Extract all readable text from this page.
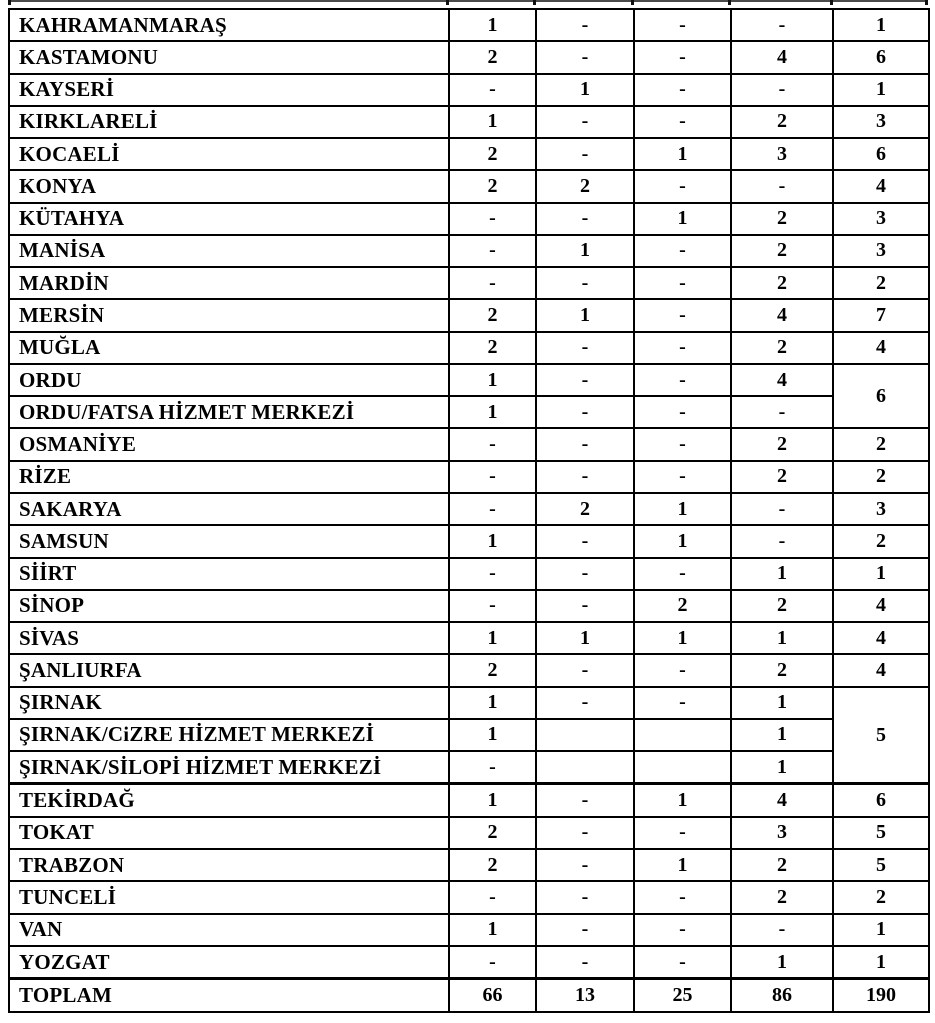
KAHRAMANMARAŞ	1	-	-	-	1
KASTAMONU	2	-	-	4	6
KAYSERİ	-	1	-	-	1
KIRKLARELİ	1	-	-	2	3
KOCAELİ	2	-	1	3	6
KONYA	2	2	-	-	4
KÜTAHYA	-	-	1	2	3
MANİSA	-	1	-	2	3
MARDİN	-	-	-	2	2
MERSİN	2	1	-	4	7
MUĞLA	2	-	-	2	4
ORDU	1	-	-	4	6
ORDU/FATSA HİZMET MERKEZİ	1	-	-	-	
OSMANİYE	-	-	-	2	2
RİZE	-	-	-	2	2
SAKARYA	-	2	1	-	3
SAMSUN	1	-	1	-	2
SİİRT	-	-	-	1	1
SİNOP	-	-	2	2	4
SİVAS	1	1	1	1	4
ŞANLIURFA	2	-	-	2	4
ŞIRNAK	1	-	-	1	5
ŞIRNAK/CiZRE HİZMET MERKEZİ	1			1	
ŞIRNAK/SİLOPİ HİZMET MERKEZİ	-			1	
TEKİRDAĞ	1	-	1	4	6
TOKAT	2	-	-	3	5
TRABZON	2	-	1	2	5
TUNCELİ	-	-	-	2	2
VAN	1	-	-	-	1
YOZGAT	-	-	-	1	1
TOPLAM	66	13	25	86	190
